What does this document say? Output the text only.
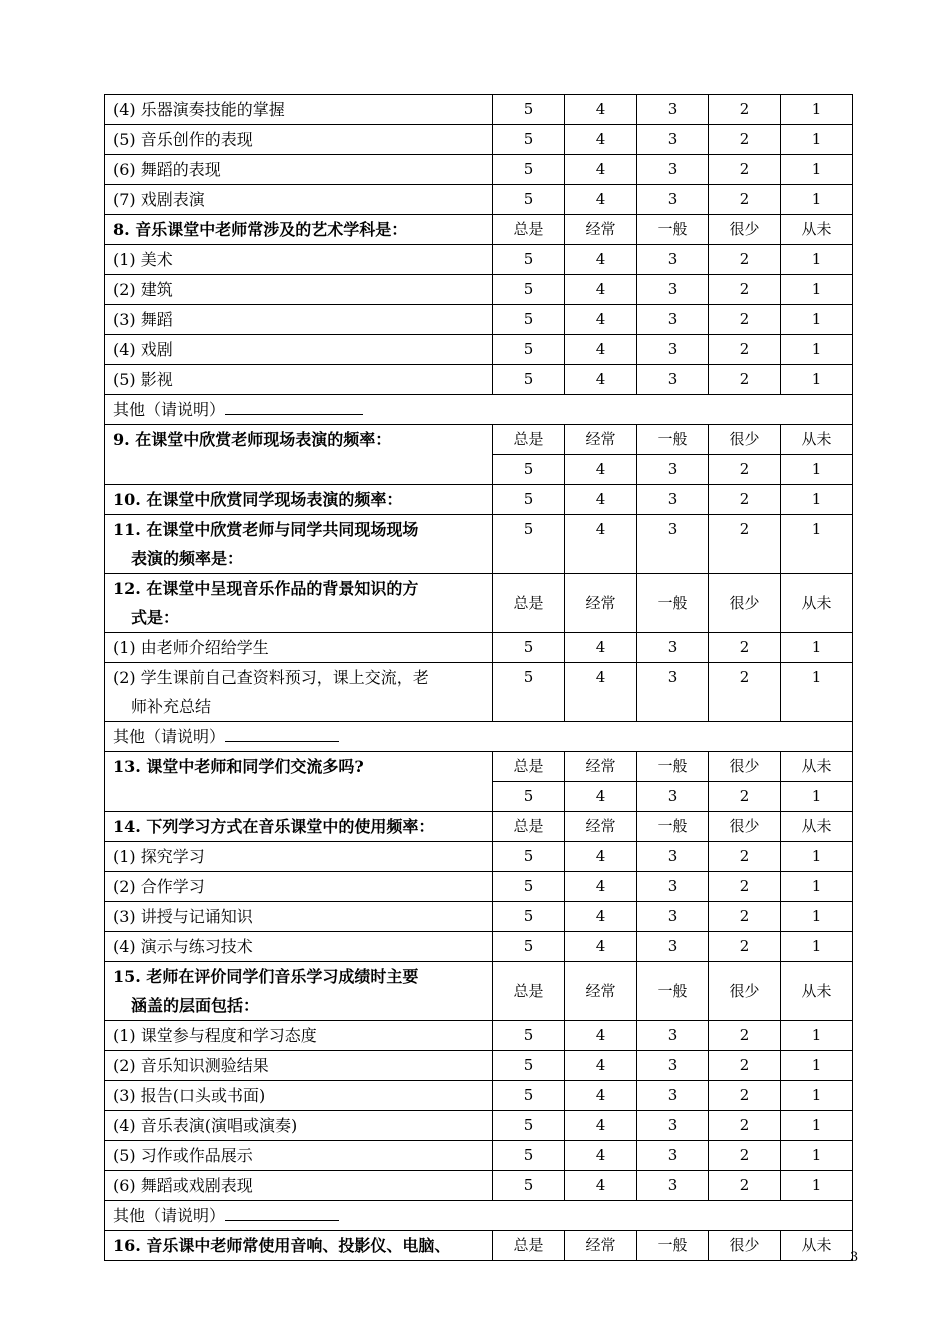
(4) 乐器演奏技能的掌握	5	4	3	2	1
(5) 音乐创作的表现	5	4	3	2	1
(6) 舞蹈的表现	5	4	3	2	1
(7) 戏剧表演	5	4	3	2	1
8. 音乐课堂中老师常涉及的艺术学科是：	总是	经常	一般	很少	从未
(1) 美术	5	4	3	2	1
(2) 建筑	5	4	3	2	1
(3) 舞蹈	5	4	3	2	1
(4) 戏剧	5	4	3	2	1
(5) 影视	5	4	3	2	1
其他（请说明）					
9. 在课堂中欣赏老师现场表演的频率：	总是	经常	一般	很少	从未
	5	4	3	2	1
10. 在课堂中欣赏同学现场表演的频率：	5	4	3	2	1

11. 在课堂中欣赏老师与同学共同现场现场
表演的频率是：	5	4	3	2	1

12. 在课堂中呈现音乐作品的背景知识的方
式是：	总是	经常	一般	很少	从未
(1) 由老师介绍给学生	5	4	3	2	1

(2) 学生课前自己查资料预习，课上交流，老
师补充总结	5	4	3	2	1
其他（请说明）					
13. 课堂中老师和同学们交流多吗?	总是	经常	一般	很少	从未
	5	4	3	2	1
14. 下列学习方式在音乐课堂中的使用频率：	总是	经常	一般	很少	从未
(1) 探究学习	5	4	3	2	1
(2) 合作学习	5	4	3	2	1
(3) 讲授与记诵知识	5	4	3	2	1
(4) 演示与练习技术	5	4	3	2	1

15. 老师在评价同学们音乐学习成绩时主要
涵盖的层面包括：	总是	经常	一般	很少	从未
(1) 课堂参与程度和学习态度	5	4	3	2	1
(2) 音乐知识测验结果	5	4	3	2	1
(3) 报告(口头或书面)	5	4	3	2	1
(4) 音乐表演(演唱或演奏)	5	4	3	2	1
(5) 习作或作品展示	5	4	3	2	1
(6) 舞蹈或戏剧表现	5	4	3	2	1
其他（请说明）					
16. 音乐课中老师常使用音响、投影仪、电脑、	总是	经常	一般	很少	从未
3
